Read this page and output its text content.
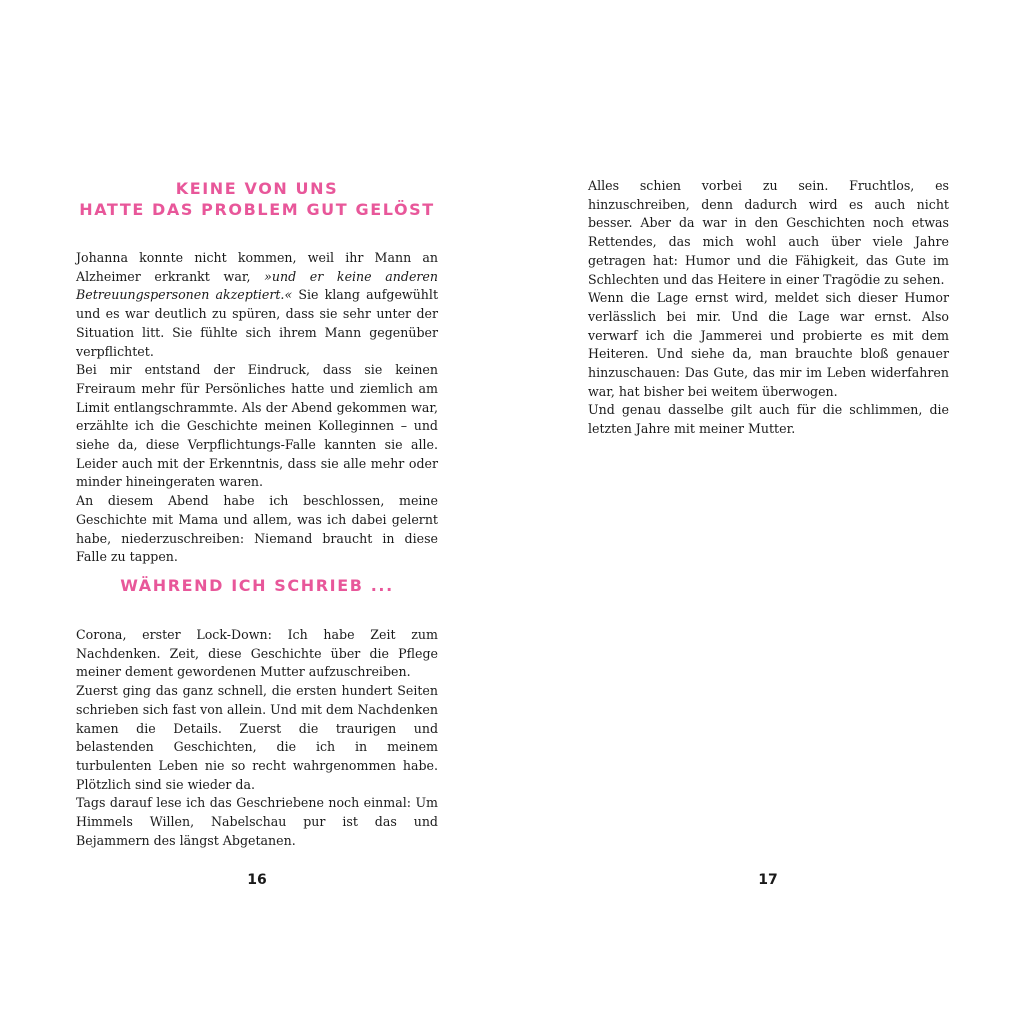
KEINE VON UNS
HATTE DAS PROBLEM GUT GELÖST

Johanna konnte nicht kommen, weil ihr Mann an Alzheimer erkrankt war, »und er keine anderen Betreuungspersonen akzeptiert.« Sie klang aufgewühlt und es war deutlich zu spüren, dass sie sehr unter der Situation litt. Sie fühlte sich ihrem Mann gegenüber verpflichtet.

Bei mir entstand der Eindruck, dass sie keinen Freiraum mehr für Persönliches hatte und ziemlich am Limit entlangschrammte. Als der Abend gekommen war, erzählte ich die Geschichte meinen Kolleginnen – und siehe da, diese Verpflichtungs-Falle kannten sie alle. Leider auch mit der Erkenntnis, dass sie alle mehr oder minder hineingeraten waren.

An diesem Abend habe ich beschlossen, meine Geschichte mit Mama und allem, was ich dabei gelernt habe, niederzuschreiben: Niemand braucht in diese Falle zu tappen.

WÄHREND ICH SCHRIEB ...

Corona, erster Lock-Down: Ich habe Zeit zum Nachdenken. Zeit, diese Geschichte über die Pflege meiner dement gewordenen Mutter aufzuschreiben.

Zuerst ging das ganz schnell, die ersten hundert Seiten schrieben sich fast von allein. Und mit dem Nachdenken kamen die Details. Zuerst die traurigen und belastenden Geschichten, die ich in meinem turbulenten Leben nie so recht wahrgenommen habe. Plötzlich sind sie wieder da.

Tags darauf lese ich das Geschriebene noch einmal: Um Himmels Willen, Nabelschau pur ist das und Bejammern des längst Abgetanen.

16

Alles schien vorbei zu sein. Fruchtlos, es hinzuschreiben, denn dadurch wird es auch nicht besser. Aber da war in den Geschichten noch etwas Rettendes, das mich wohl auch über viele Jahre getragen hat: Humor und die Fähigkeit, das Gute im Schlechten und das Heitere in einer Tragödie zu sehen.

Wenn die Lage ernst wird, meldet sich dieser Humor verlässlich bei mir. Und die Lage war ernst. Also verwarf ich die Jammerei und probierte es mit dem Heiteren. Und siehe da, man brauchte bloß genauer hinzuschauen: Das Gute, das mir im Leben widerfahren war, hat bisher bei weitem überwogen.

Und genau dasselbe gilt auch für die schlimmen, die letzten Jahre mit meiner Mutter.

17
